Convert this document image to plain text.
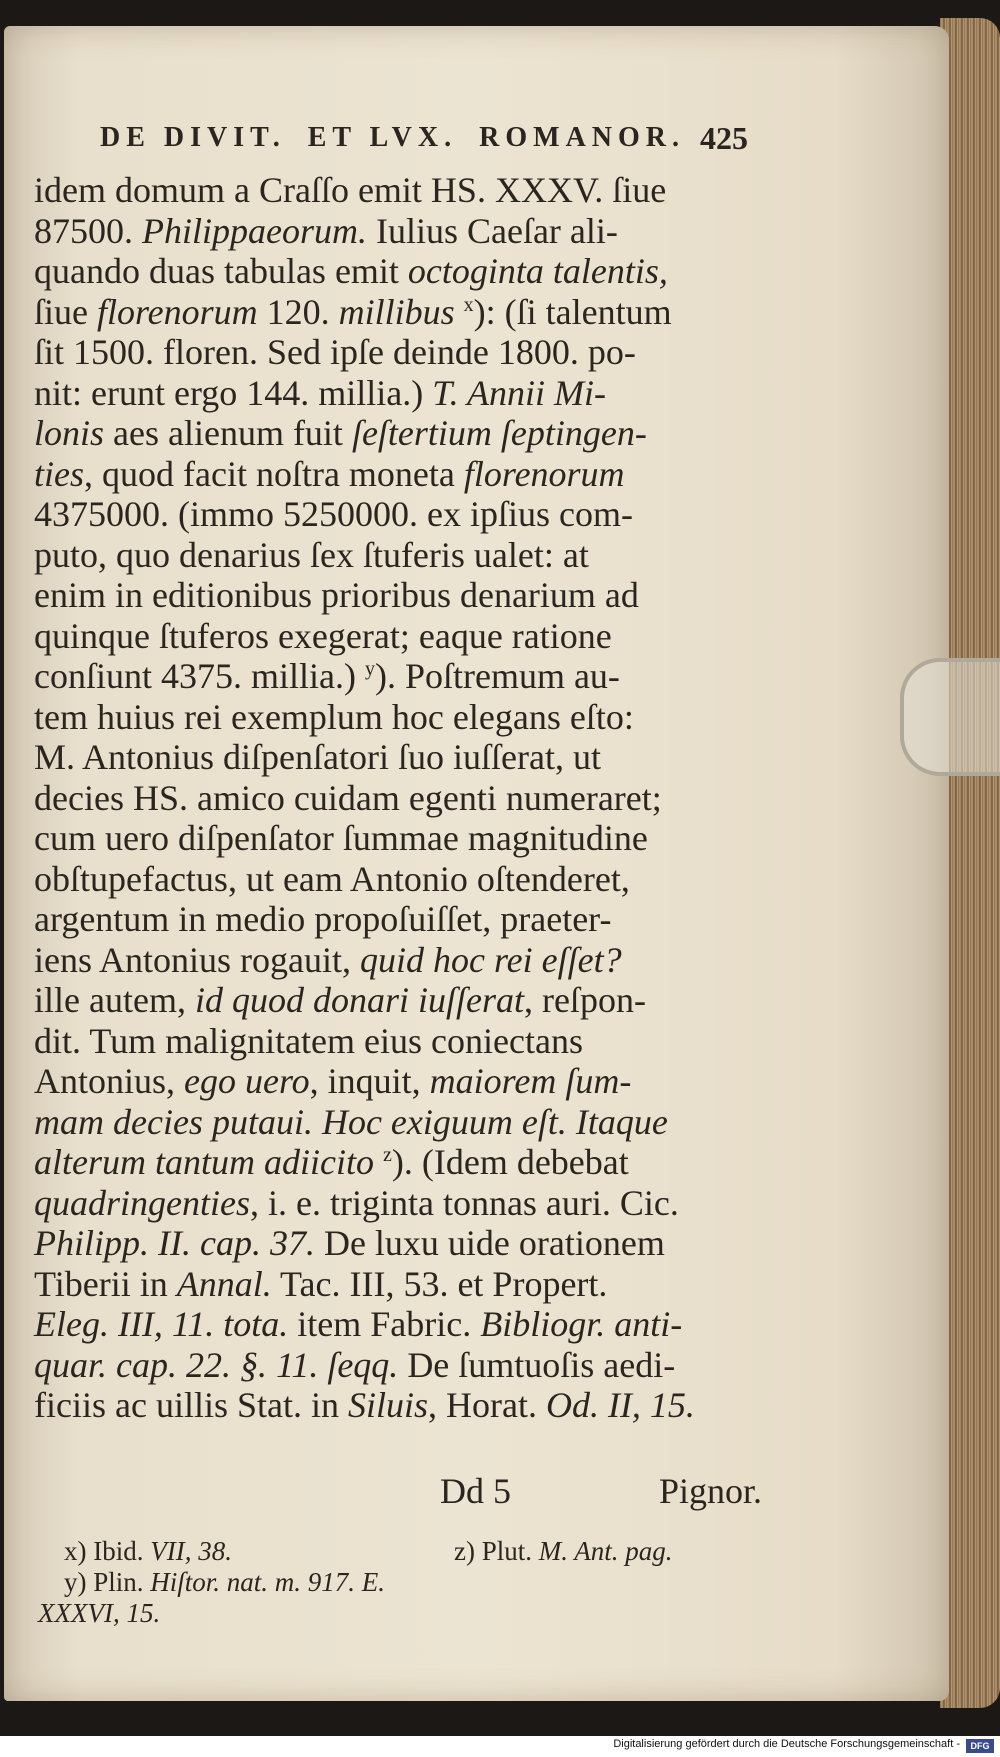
DE DIVIT. ET LVX. ROMANOR. 425
idem domum a Craſſo emit HS. XXXV. ſiue
87500. Philippaeorum. Iulius Caeſar ali-
quando duas tabulas emit octoginta talentis,
ſiue florenorum 120. millibus $^x$): (ſi talentum
ſit 1500. floren. Sed ipſe deinde 1800. po-
nit: erunt ergo 144. millia.) T. Annii Mi-
lonis aes alienum fuit ſeſtertium ſeptingen-
ties, quod facit noſtra moneta florenorum
4375000. (immo 5250000. ex ipſius com-
puto, quo denarius ſex ſtuferis ualet: at
enim in editionibus prioribus denarium ad
quinque ſtuferos exegerat; eaque ratione
conſiunt 4375. millia.) $^y$). Poſtremum au-
tem huius rei exemplum hoc elegans eſto:
M. Antonius diſpenſatori ſuo iuſſerat, ut
decies HS. amico cuidam egenti numeraret;
cum uero diſpenſator ſummae magnitudine
obſtupefactus, ut eam Antonio oſtenderet,
argentum in medio propoſuiſſet, praeter-
iens Antonius rogauit, quid hoc rei eſſet?
ille autem, id quod donari iuſſerat, reſpon-
dit. Tum malignitatem eius coniectans
Antonius, ego uero, inquit, maiorem ſum-
mam decies putaui. Hoc exiguum eſt. Itaque
alterum tantum adiicito $^z$). (Idem debebat
quadringenties, i. e. triginta tonnas auri. Cic.
Philipp. II. cap. 37. De luxu uide orationem
Tiberii in Annal. Tac. III, 53. et Propert.
Eleg. III, 11. tota. item Fabric. Bibliogr. anti-
quar. cap. 22. §. 11. ſeqq. De ſumtuoſis aedi-
ficiis ac uillis Stat. in Siluis, Horat. Od. II, 15.
Dd 5	Pignor.
x) Ibid. VII, 38.	z) Plut. M. Ant. pag.
y) Plin. Hiſtor. nat. m. 917. E.
XXXVI, 15.
Digitalisierung gefördert durch die Deutsche Forschungsgemeinschaft -	DFG
